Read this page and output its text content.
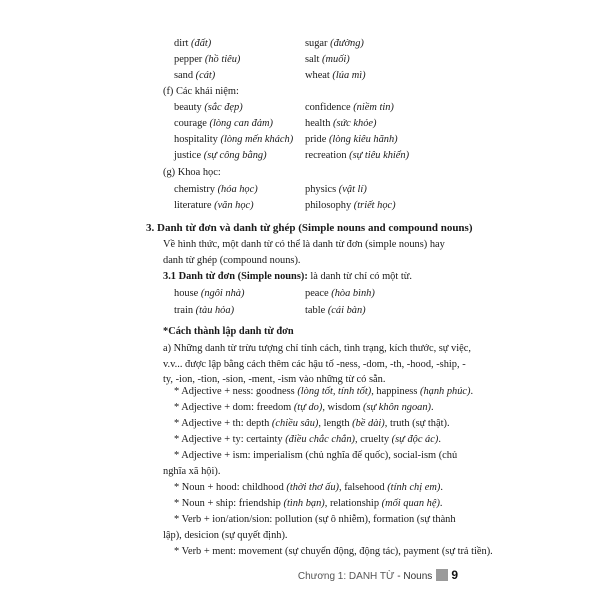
dirt (đất)	sugar (đường)
pepper (hồ tiêu)	salt (muối)
sand (cát)	wheat (lúa mì)
(f) Các khái niệm:
beauty (sắc đẹp)	confidence (niềm tin)
courage (lòng can đảm)	health (sức khỏe)
hospitality (lòng mến khách) pride (lòng kiêu hãnh)
justice (sự công bằng)	recreation (sự tiêu khiển)
(g) Khoa học:
chemistry (hóa học)	physics (vật lí)
literature (văn học)	philosophy (triết học)
3. Danh từ đơn và danh từ ghép (Simple nouns and compound nouns)
Về hình thức, một danh từ có thể là danh từ đơn (simple nouns) hay danh từ ghép (compound nouns).
3.1 Danh từ đơn (Simple nouns): là danh từ chỉ có một từ.
house (ngôi nhà)	peace (hòa bình)
train (tàu hỏa)	table (cái bàn)
*Cách thành lập danh từ đơn
a) Những danh từ trừu tượng chỉ tính cách, tình trạng, kích thước, sự việc, v.v... được lập bằng cách thêm các hậu tố -ness, -dom, -th, -hood, -ship, -ty, -ion, -tion, -sion, -ment, -ism vào những từ có sẵn.
* Adjective + ness: goodness (lòng tốt, tính tốt), happiness (hạnh phúc).
* Adjective + dom: freedom (tự do), wisdom (sự khôn ngoan).
* Adjective + th: depth (chiều sâu), length (bề dài), truth (sự thật).
* Adjective + ty: certainty (điều chắc chắn), cruelty (sự độc ác).
* Adjective + ism: imperialism (chủ nghĩa đế quốc), social-ism (chủ nghĩa xã hội).
* Noun + hood: childhood (thời thơ ấu), falsehood (tính chị em).
* Noun + ship: friendship (tình bạn), relationship (mối quan hệ).
* Verb + ion/ation/sion: pollution (sự ô nhiễm), formation (sự thành lập), desicion (sự quyết định).
* Verb + ment: movement (sự chuyển động, động tác), payment (sự trả tiền).
Chương 1: DANH TỪ - Nouns 9
